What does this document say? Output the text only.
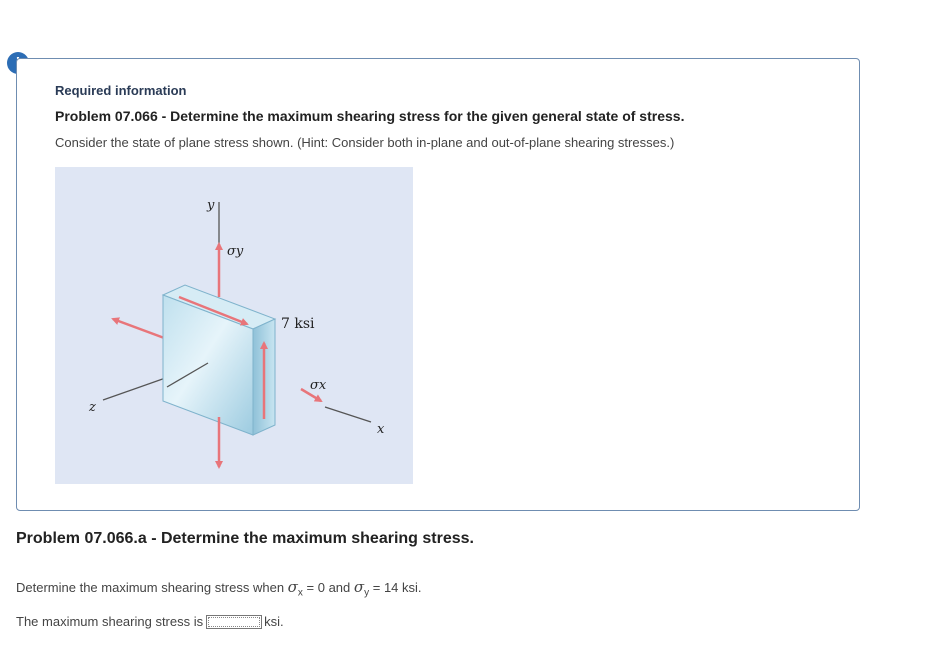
Required information
Problem 07.066 - Determine the maximum shearing stress for the given general state of stress.
Consider the state of plane stress shown. (Hint: Consider both in-plane and out-of-plane shearing stresses.)
y
σy
7 ksi
σx
z
x
Problem 07.066.a - Determine the maximum shearing stress.
Determine the maximum shearing stress when $\sigma_x = 0$ and $\sigma_y = 14$ ksi.
The maximum shearing stress is	ksi.
